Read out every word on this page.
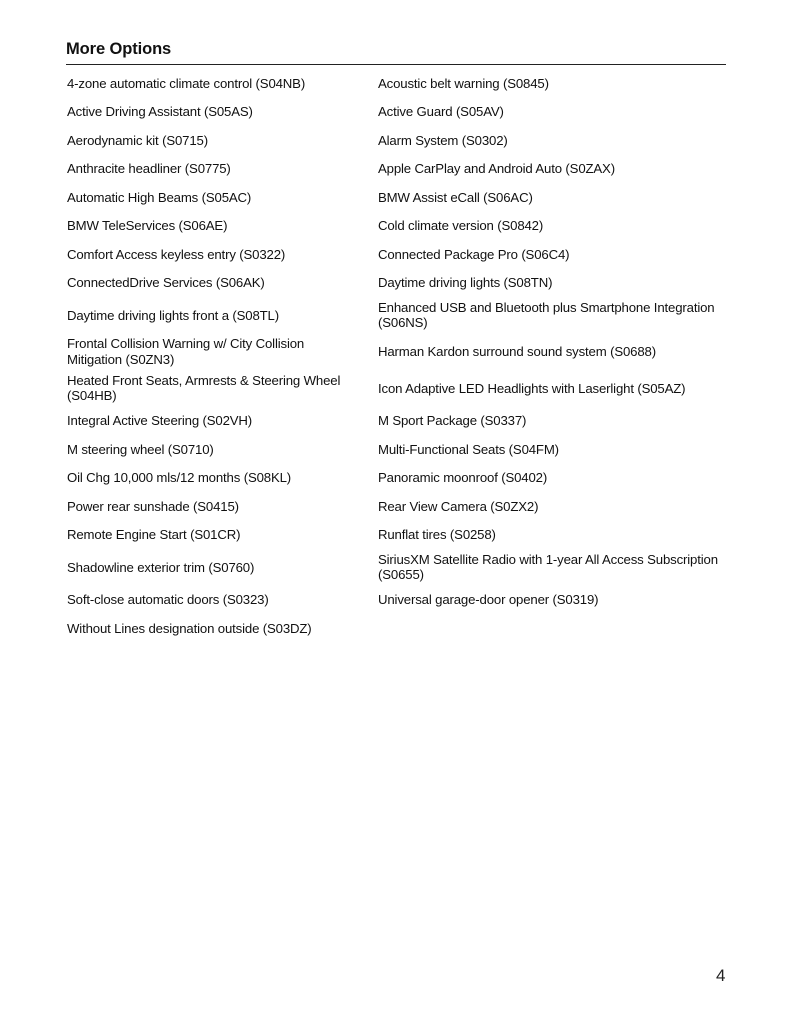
More Options
4-zone automatic climate control (S04NB)	Acoustic belt warning (S0845)

Active Driving Assistant (S05AS)	Active Guard (S05AV)

Aerodynamic kit (S0715)	Alarm System (S0302)

Anthracite headliner (S0775)	Apple CarPlay and Android Auto (S0ZAX)

Automatic High Beams (S05AC)	BMW Assist eCall (S06AC)

BMW TeleServices (S06AE)	Cold climate version (S0842)

Comfort Access keyless entry (S0322)	Connected Package Pro (S06C4)

ConnectedDrive Services (S06AK)	Daytime driving lights (S08TN)

Daytime driving lights front a (S08TL)	Enhanced USB and Bluetooth plus Smartphone Integration (S06NS)

Frontal Collision Warning w/ City Collision Mitigation (S0ZN3)	Harman Kardon surround sound system (S0688)

Heated Front Seats, Armrests & Steering Wheel (S04HB)	Icon Adaptive LED Headlights with Laserlight (S05AZ)

Integral Active Steering (S02VH)	M Sport Package (S0337)

M steering wheel (S0710)	Multi-Functional Seats (S04FM)

Oil Chg 10,000 mls/12 months (S08KL)	Panoramic moonroof (S0402)

Power rear sunshade (S0415)	Rear View Camera (S0ZX2)

Remote Engine Start (S01CR)	Runflat tires (S0258)

Shadowline exterior trim (S0760)	SiriusXM Satellite Radio with 1-year All Access Subscription (S0655)

Soft-close automatic doors (S0323)	Universal garage-door opener (S0319)

Without Lines designation outside (S03DZ)	

4
